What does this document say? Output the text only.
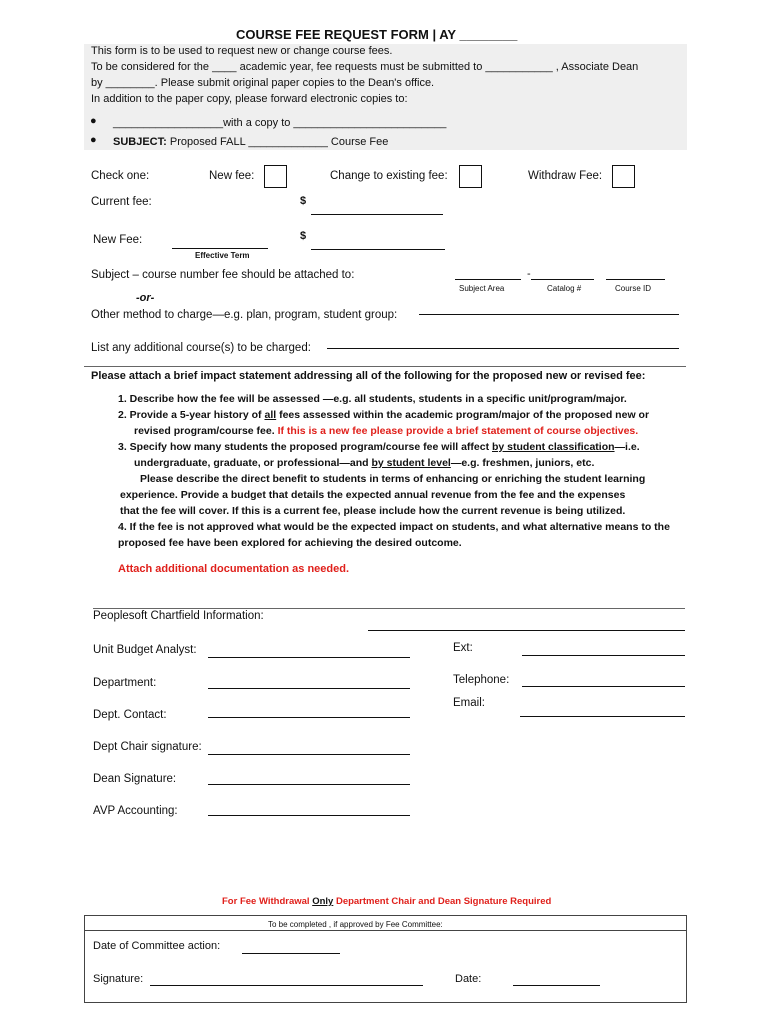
COURSE FEE REQUEST FORM | AY ________
This form is to be used to request new or change course fees.
To be considered for the ____ academic year, fee requests must be submitted to ___________ , Associate Dean
by ________. Please submit original paper copies to the Dean's office.
In addition to the paper copy, please forward electronic copies to:
● __________________with a copy to _________________________
● SUBJECT: Proposed FALL _____________ Course Fee
Check one:	New fee:	Change to existing fee:	Withdraw Fee:
Current fee:	$
New Fee:
Effective Term
$
Subject – course number fee should be attached to:	-
Subject Area	Catalog #	Course ID
-or-
Other method to charge—e.g. plan, program, student group:
List any additional course(s) to be charged:
Please attach a brief impact statement addressing all of the following for the proposed new or revised fee:
1. Describe how the fee will be assessed —e.g. all students, students in a specific unit/program/major.
2. Provide a 5-year history of all fees assessed within the academic program/major of the proposed new or
revised program/course fee. If this is a new fee please provide a brief statement of course objectives.
3. Specify how many students the proposed program/course fee will affect by student classification—i.e.
undergraduate, graduate, or professional—and by student level—e.g. freshmen, juniors, etc.
Please describe the direct benefit to students in terms of enhancing or enriching the student learning
experience. Provide a budget that details the expected annual revenue from the fee and the expenses
that the fee will cover. If this is a current fee, please include how the current revenue is being utilized.
4. If the fee is not approved what would be the expected impact on students, and what alternative means to the
proposed fee have been explored for achieving the desired outcome.
Attach additional documentation as needed.
Peoplesoft Chartfield Information:
Unit Budget Analyst:	Ext:
Department:	Telephone:
Email:
Dept. Contact:
Dept Chair signature:
Dean Signature:
AVP Accounting:
For Fee Withdrawal Only Department Chair and Dean Signature Required
To be completed , if approved by Fee Committee:
Date of Committee action:
Signature:	Date:
